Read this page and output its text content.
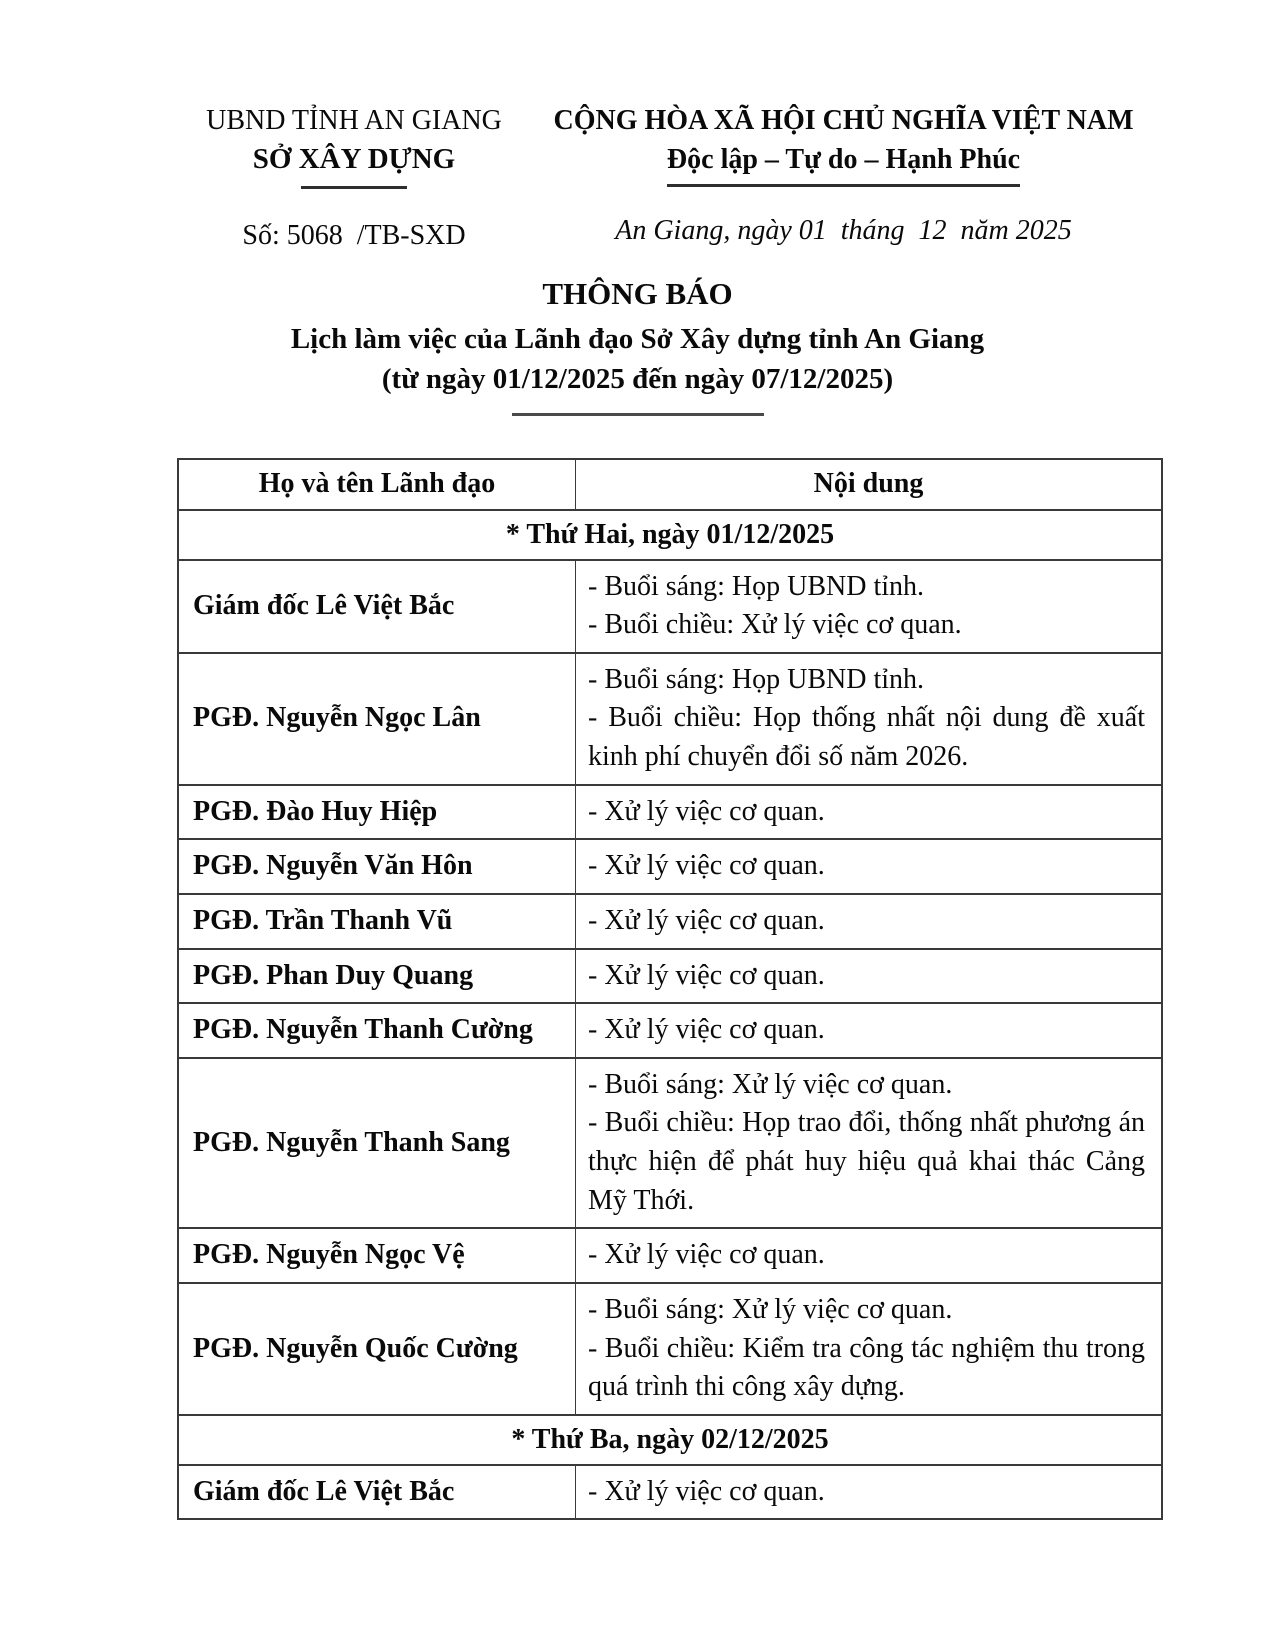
UBND TỈNH AN GIANG
SỞ XÂY DỰNG
Số: 5068  /TB-SXD
CỘNG HÒA XÃ HỘI CHỦ NGHĨA VIỆT NAM
Độc lập – Tự do – Hạnh Phúc
An Giang, ngày 01  tháng  12  năm 2025
THÔNG BÁO
Lịch làm việc của Lãnh đạo Sở Xây dựng tỉnh An Giang
(từ ngày 01/12/2025 đến ngày 07/12/2025)
Họ và tên Lãnh đạo	Nội dung
* Thứ Hai, ngày 01/12/2025	
Giám đốc Lê Việt Bắc	- Buổi sáng: Họp UBND tỉnh.

- Buổi chiều: Xử lý việc cơ quan.

PGĐ. Nguyễn Ngọc Lân	- Buổi sáng: Họp UBND tỉnh.

- Buổi chiều: Họp thống nhất nội dung đề xuất kinh phí chuyển đổi số năm 2026.

PGĐ. Đào Huy Hiệp	- Xử lý việc cơ quan.

PGĐ. Nguyễn Văn Hôn	- Xử lý việc cơ quan.

PGĐ. Trần Thanh Vũ	- Xử lý việc cơ quan.

PGĐ. Phan Duy Quang	- Xử lý việc cơ quan.

PGĐ. Nguyễn Thanh Cường	- Xử lý việc cơ quan.

PGĐ. Nguyễn Thanh Sang	- Buổi sáng: Xử lý việc cơ quan.

- Buổi chiều: Họp trao đổi, thống nhất phương án thực hiện để phát huy hiệu quả khai thác Cảng Mỹ Thới.

PGĐ. Nguyễn Ngọc Vệ	- Xử lý việc cơ quan.

PGĐ. Nguyễn Quốc Cường	- Buổi sáng: Xử lý việc cơ quan.

- Buổi chiều: Kiểm tra công tác nghiệm thu trong quá trình thi công xây dựng.

* Thứ Ba, ngày 02/12/2025	
Giám đốc Lê Việt Bắc	- Xử lý việc cơ quan.
